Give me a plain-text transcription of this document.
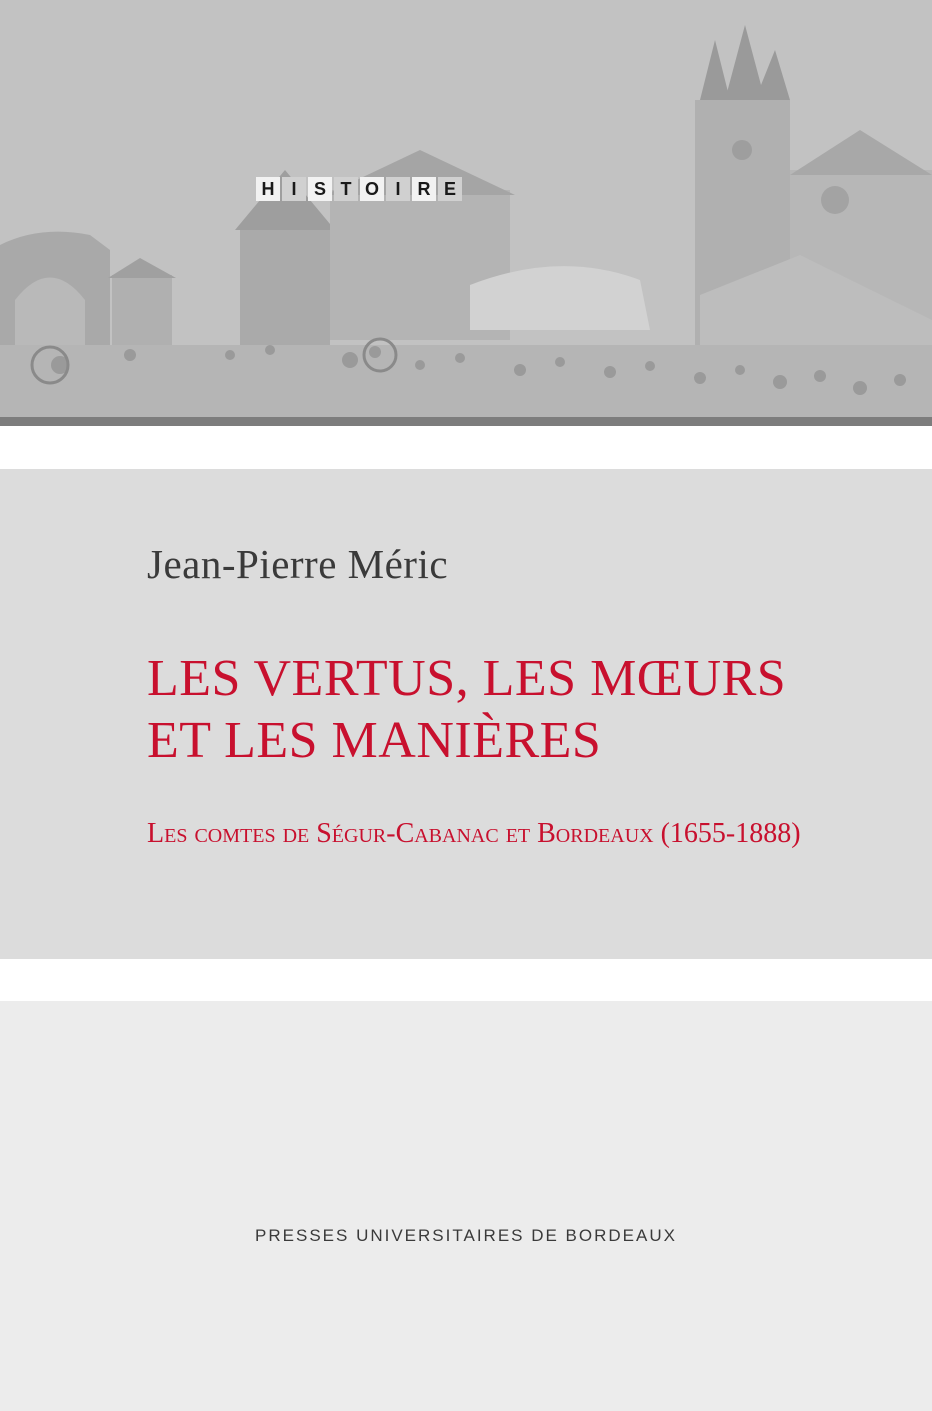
H I S T O I R E
Jean-Pierre Méric
LES VERTUS, LES MŒURS
ET LES MANIÈRES
Les comtes de Ségur-Cabanac et Bordeaux (1655-1888)
PRESSES UNIVERSITAIRES DE BORDEAUX
